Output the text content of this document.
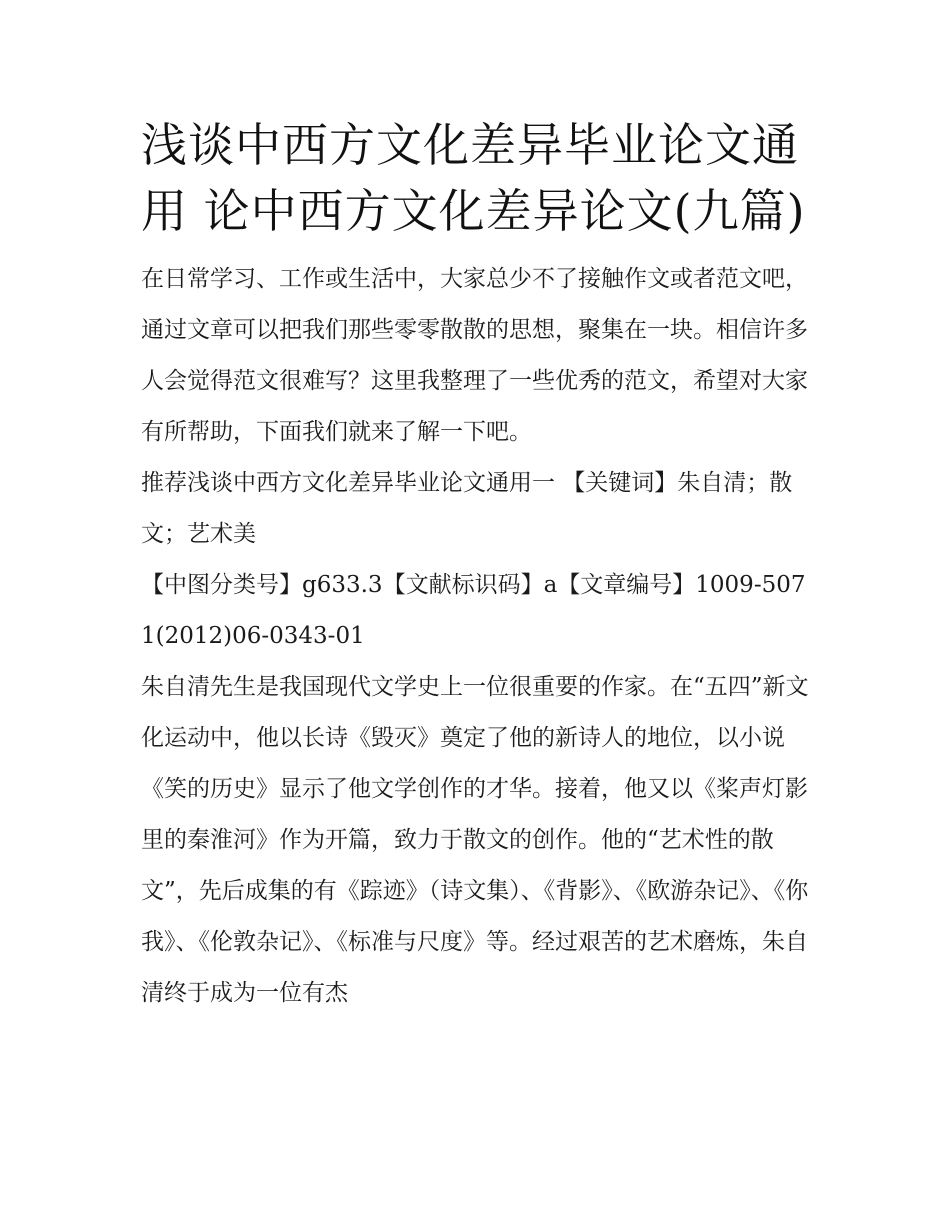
浅谈中西方文化差异毕业论文通用 论中西方文化差异论文(九篇)

在日常学习、工作或生活中，大家总少不了接触作文或者范文吧，通过文章可以把我们那些零零散散的思想，聚集在一块。相信许多人会觉得范文很难写？这里我整理了一些优秀的范文，希望对大家有所帮助，下面我们就来了解一下吧。

推荐浅谈中西方文化差异毕业论文通用一 【关键词】朱自清；散文；艺术美

【中图分类号】g633.3【文献标识码】a【文章编号】1009-5071(2012)06-0343-01

朱自清先生是我国现代文学史上一位很重要的作家。在“五四”新文化运动中，他以长诗《毁灭》奠定了他的新诗人的地位，以小说《笑的历史》显示了他文学创作的才华。接着，他又以《桨声灯影里的秦淮河》作为开篇，致力于散文的创作。他的“艺术性的散文”，先后成集的有《踪迹》（诗文集）、《背影》、《欧游杂记》、《你我》、《伦敦杂记》、《标准与尺度》等。经过艰苦的艺术磨炼，朱自清终于成为一位有杰
